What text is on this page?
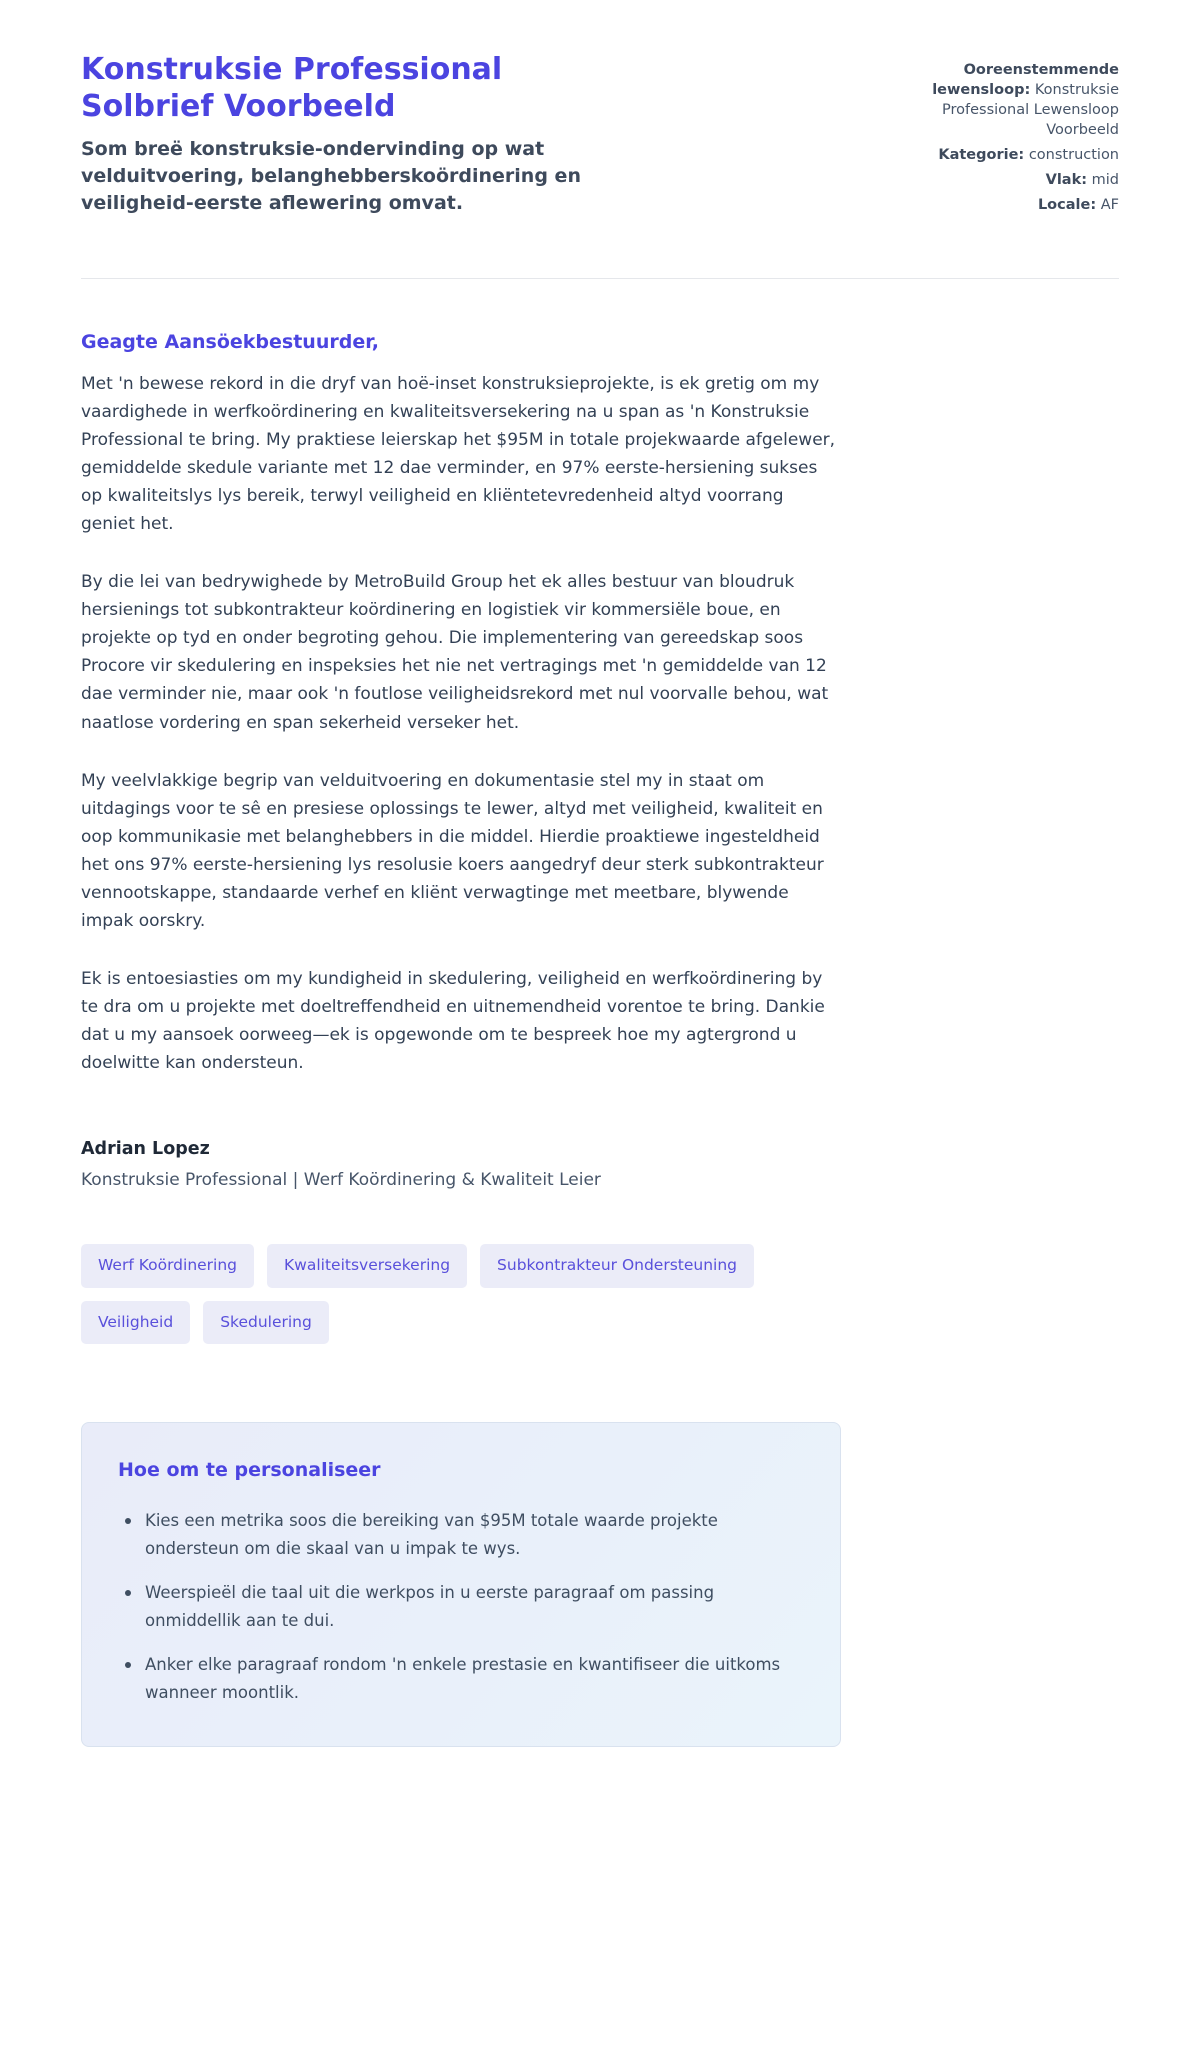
Konstruksie Professional Solbrief Voorbeeld
Som breë konstruksie-ondervinding op wat velduitvoering, belanghebberskoördinering en veiligheid-eerste aflewering omvat.
Ooreenstemmende lewensloop: Konstruksie Professional Lewensloop Voorbeeld
Kategorie: construction
Vlak: mid
Locale: AF
Geagte Aansöekbestuurder,

Met 'n bewese rekord in die dryf van hoë-inset konstruksieprojekte, is ek gretig om my vaardighede in werfkoördinering en kwaliteitsversekering na u span as 'n Konstruksie Professional te bring. My praktiese leierskap het $95M in totale projekwaarde afgelewer, gemiddelde skedule variante met 12 dae verminder, en 97% eerste-hersiening sukses op kwaliteitslys lys bereik, terwyl veiligheid en kliëntetevredenheid altyd voorrang geniet het.

By die lei van bedrywighede by MetroBuild Group het ek alles bestuur van bloudruk hersienings tot subkontrakteur koördinering en logistiek vir kommersiële boue, en projekte op tyd en onder begroting gehou. Die implementering van gereedskap soos Procore vir skedulering en inspeksies het nie net vertragings met 'n gemiddelde van 12 dae verminder nie, maar ook 'n foutlose veiligheidsrekord met nul voorvalle behou, wat naatlose vordering en span sekerheid verseker het.

My veelvlakkige begrip van velduitvoering en dokumentasie stel my in staat om uitdagings voor te sê en presiese oplossings te lewer, altyd met veiligheid, kwaliteit en oop kommunikasie met belanghebbers in die middel. Hierdie proaktiewe ingesteldheid het ons 97% eerste-hersiening lys resolusie koers aangedryf deur sterk subkontrakteur vennootskappe, standaarde verhef en kliënt verwagtinge met meetbare, blywende impak oorskry.

Ek is entoesiasties om my kundigheid in skedulering, veiligheid en werfkoördinering by te dra om u projekte met doeltreffendheid en uitnemendheid vorentoe te bring. Dankie dat u my aansoek oorweeg—ek is opgewonde om te bespreek hoe my agtergrond u doelwitte kan ondersteun.

Adrian Lopez
Konstruksie Professional | Werf Koördinering & Kwaliteit Leier
Werf Koördinering	Kwaliteitsversekering	Subkontrakteur Ondersteuning
Veiligheid	Skedulering
Hoe om te personaliseer
Kies een metrika soos die bereiking van $95M totale waarde projekte ondersteun om die skaal van u impak te wys.
Weerspieël die taal uit die werkpos in u eerste paragraaf om passing onmiddellik aan te dui.
Anker elke paragraaf rondom 'n enkele prestasie en kwantifiseer die uitkoms wanneer moontlik.
